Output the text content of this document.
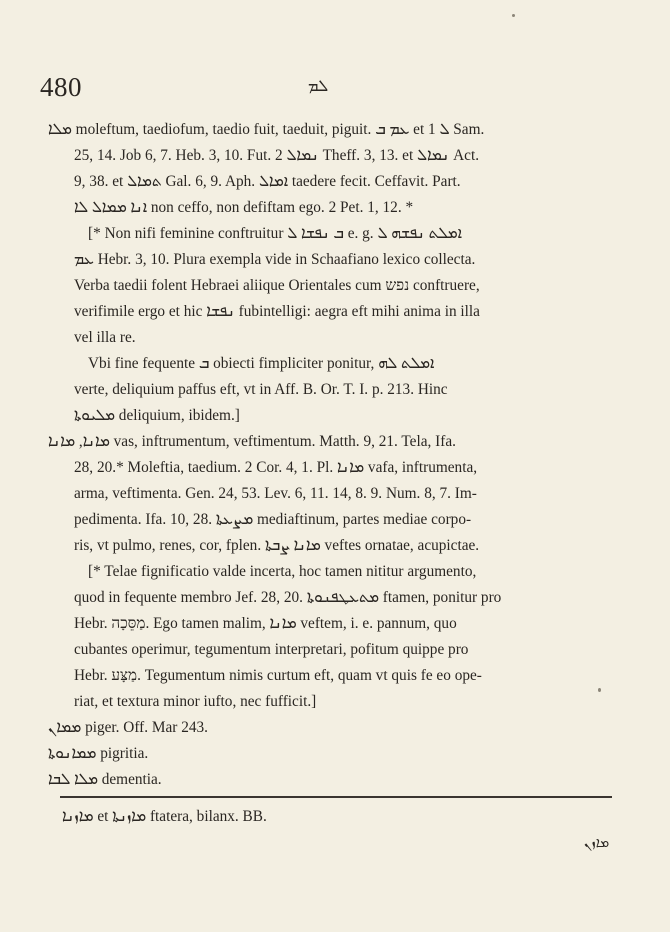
480	ܠܡ
ܡܠܐ moleftum, taediofum, taedio fuit, taeduit, piguit. ܥܡ ܒ et ܠ 1 Sam.
25, 14. Job 6, 7. Heb. 3, 10. Fut. ܢܡܐܠ 2 Theff. 3, 13. et ܢܡܐܠ Act.
9, 38. et ܬܡܐܠ Gal. 6, 9. Aph. ܐܡܐܠ taedere fecit. Ceffavit. Part.
ܐܢܐ ܡܡܐܠ ܠܐ non ceffo, non defiftam ego. 2 Pet. 1, 12. *
[* Non nifi feminine conftruitur ܒ ܢܦܫܐ ܠ e. g. ܐܡܠܬ ܢܦܫܗ ܠ
ܥܡ Hebr. 3, 10. Plura exempla vide in Schaafiano lexico collecta.
Verba taedii folent Hebraei aliique Orientales cum נפש conftruere,
verifimile ergo et hic ܢܦܫܐ fubintelligi: aegra eft mihi anima in illa
vel illa re.
Vbi fine fequente ܒ obiecti fimpliciter ponitur, ܐܡܠܬ ܠܗ
verte, deliquium paffus eft, vt in Aff. B. Or. T. I. p. 213. Hinc
ܡܠܝܘܬܐ deliquium, ibidem.]
ܡܐܢܐ, ܡܐܢܐ vas, inftrumentum, veftimentum. Matth. 9, 21. Tela, Ifa.
28, 20.* Moleftia, taedium. 2 Cor. 4, 1. Pl. ܡܐܢܐ vafa, inftrumenta,
arma, veftimenta. Gen. 24, 53. Lev. 6, 11. 14, 8. 9. Num. 8, 7. Im-
pedimenta. Ifa. 10, 28. ܡܨܥܬܐ mediaftinum, partes mediae corpo-
ris, vt pulmo, renes, cor, fplen. ܡܐܢܐ ܨܒܬܐ veftes ornatae, acupictae.
[* Telae fignificatio valde incerta, hoc tamen nititur argumento,
quod in fequente membro Jef. 28, 20. ܡܬܥܛܦܢܘܬܐ ftamen, ponitur pro
Hebr. מַסֵּכָה. Ego tamen malim, ܡܐܢܐ veftem, i. e. pannum, quo
cubantes operimur, tegumentum interpretari, pofitum quippe pro
Hebr. מַצָּע. Tegumentum nimis curtum eft, quam vt quis fe eo ope-
riat, et textura minor iufto, nec fufficit.]
ܡܡܐܢ piger. Off. Mar 243.
ܡܡܐܢܘܬܐ pigritia.
ܡܠܐ ܠܒܐ dementia.
ܡܐܙܢܐ et ܡܐܙܢܬܐ ftatera, bilanx. BB.
ܡܐܙܢ
